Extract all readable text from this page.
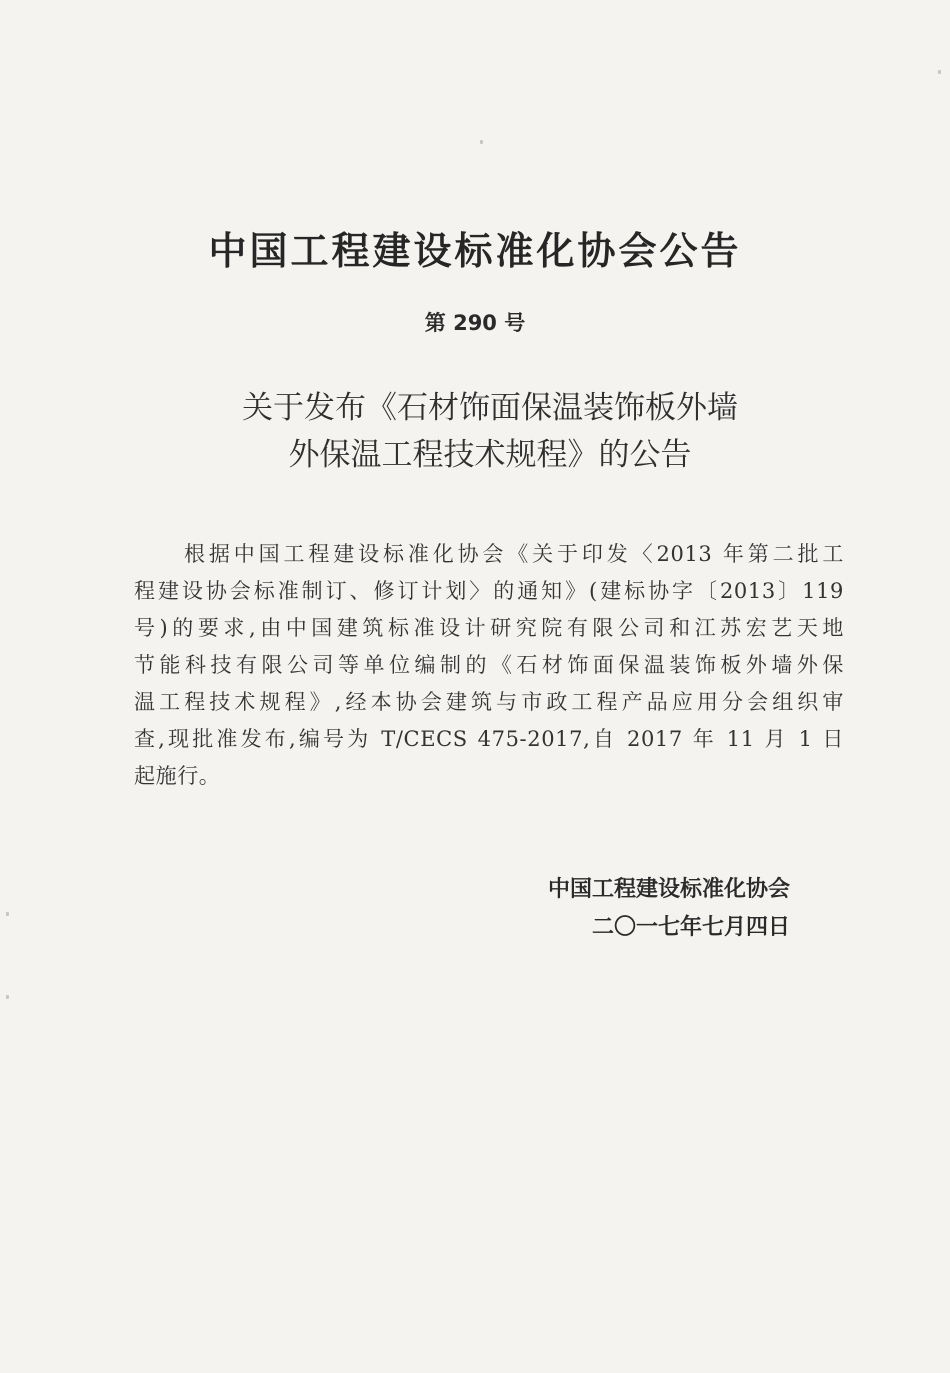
中国工程建设标准化协会公告
第 290 号
关于发布《石材饰面保温装饰板外墙
外保温工程技术规程》的公告
根据中国工程建设标准化协会《关于印发〈2013 年第二批工
程建设协会标准制订、修订计划〉的通知》(建标协字〔2013〕119
号)的要求,由中国建筑标准设计研究院有限公司和江苏宏艺天地
节能科技有限公司等单位编制的《石材饰面保温装饰板外墙外保
温工程技术规程》,经本协会建筑与市政工程产品应用分会组织审
查,现批准发布,编号为 T/CECS 475-2017,自 2017 年 11 月 1 日
起施行。
中国工程建设标准化协会
二〇一七年七月四日
